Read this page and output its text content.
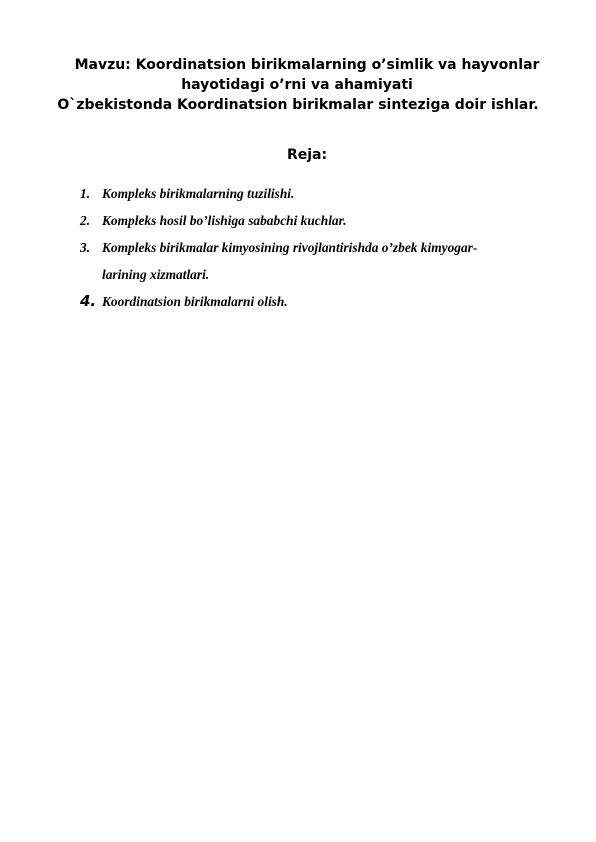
Mavzu: Koordinatsion birikmalarning o’simlik va hayvonlar
hayotidagi o’rni va ahamiyati
O`zbekistonda Koordinatsion birikmalar sinteziga doir ishlar.
Reja:
1. Kompleks birikmalarning tuzilishi.
2. Kompleks hosil bo’lishiga sababchi kuchlar.
3. Kompleks birikmalar kimyosining rivojlantirishda o’zbek kimyogar-
larining xizmatlari.
4. Koordinatsion birikmalarni olish.
